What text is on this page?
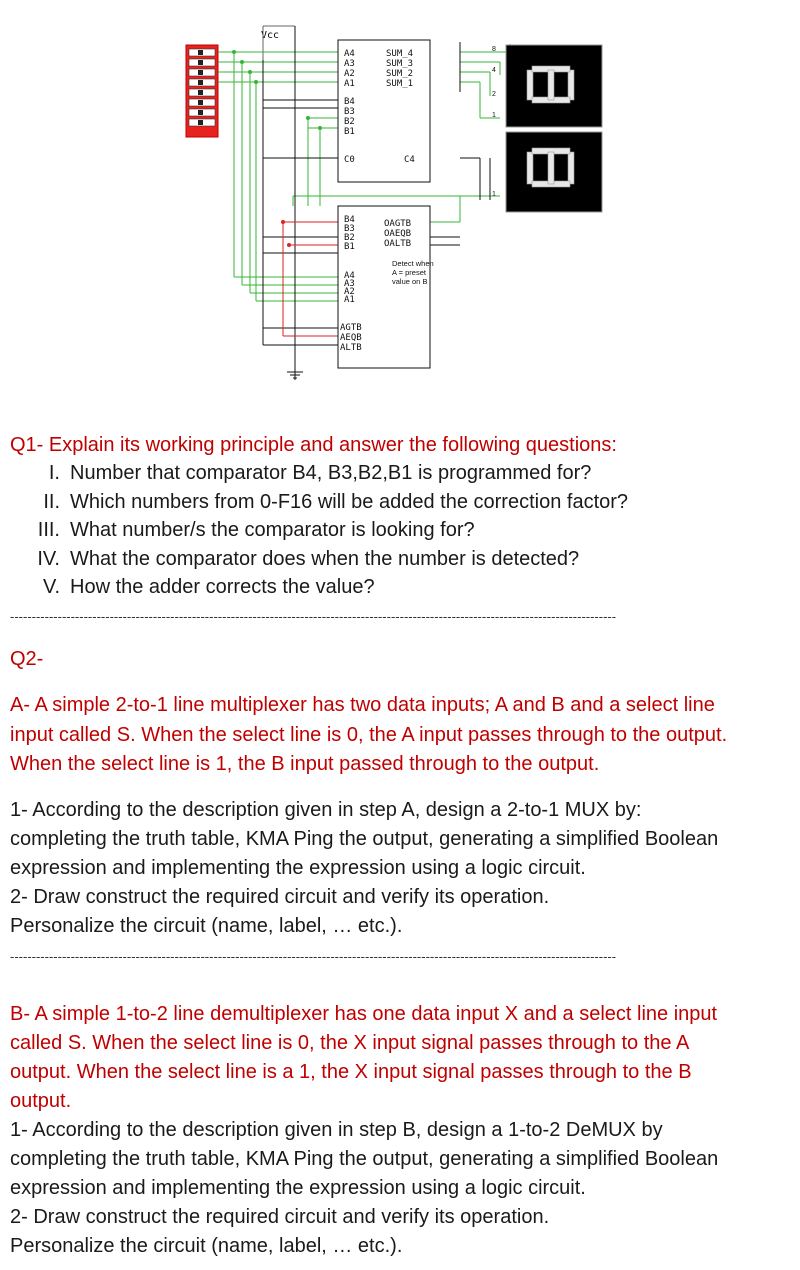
Vcc
A4
A3
A2
A1
B4
B3
B2
B1
C0
SUM_4
SUM_3
SUM_2
SUM_1
C4
B4
B3
B2
B1
A4
A3
A2
A1
AGTB
AEQB
ALTB
OAGTB
OAEQB
OALTB
Detect when
A = preset
value on B
8
4
2
1
1
Q1- Explain its working principle and answer the following questions:
I. Number that comparator B4, B3,B2,B1 is programmed for?
II. Which numbers from 0-F16 will be added the correction factor?
III. What number/s the comparator is looking for?
IV. What the comparator does when the number is detected?
V. How the adder corrects the value?
--------------------------------------------------------------------------------------------------------------------------------------------
Q2-
A- A simple 2-to-1 line multiplexer has two data inputs; A and B and a select line
input called S. When the select line is 0, the A input passes through to the output.
When the select line is 1, the B input passed through to the output.
1- According to the description given in step A, design a 2-to-1 MUX by:
completing the truth table, KMA Ping the output, generating a simplified Boolean
expression and implementing the expression using a logic circuit.
2- Draw construct the required circuit and verify its operation.
Personalize the circuit (name, label, … etc.).
--------------------------------------------------------------------------------------------------------------------------------------------
B- A simple 1-to-2 line demultiplexer has one data input X and a select line input
called S. When the select line is 0, the X input signal passes through to the A
output. When the select line is a 1, the X input signal passes through to the B
output.
1- According to the description given in step B, design a 1-to-2 DeMUX by
completing the truth table, KMA Ping the output, generating a simplified Boolean
expression and implementing the expression using a logic circuit.
2- Draw construct the required circuit and verify its operation.
Personalize the circuit (name, label, … etc.).
